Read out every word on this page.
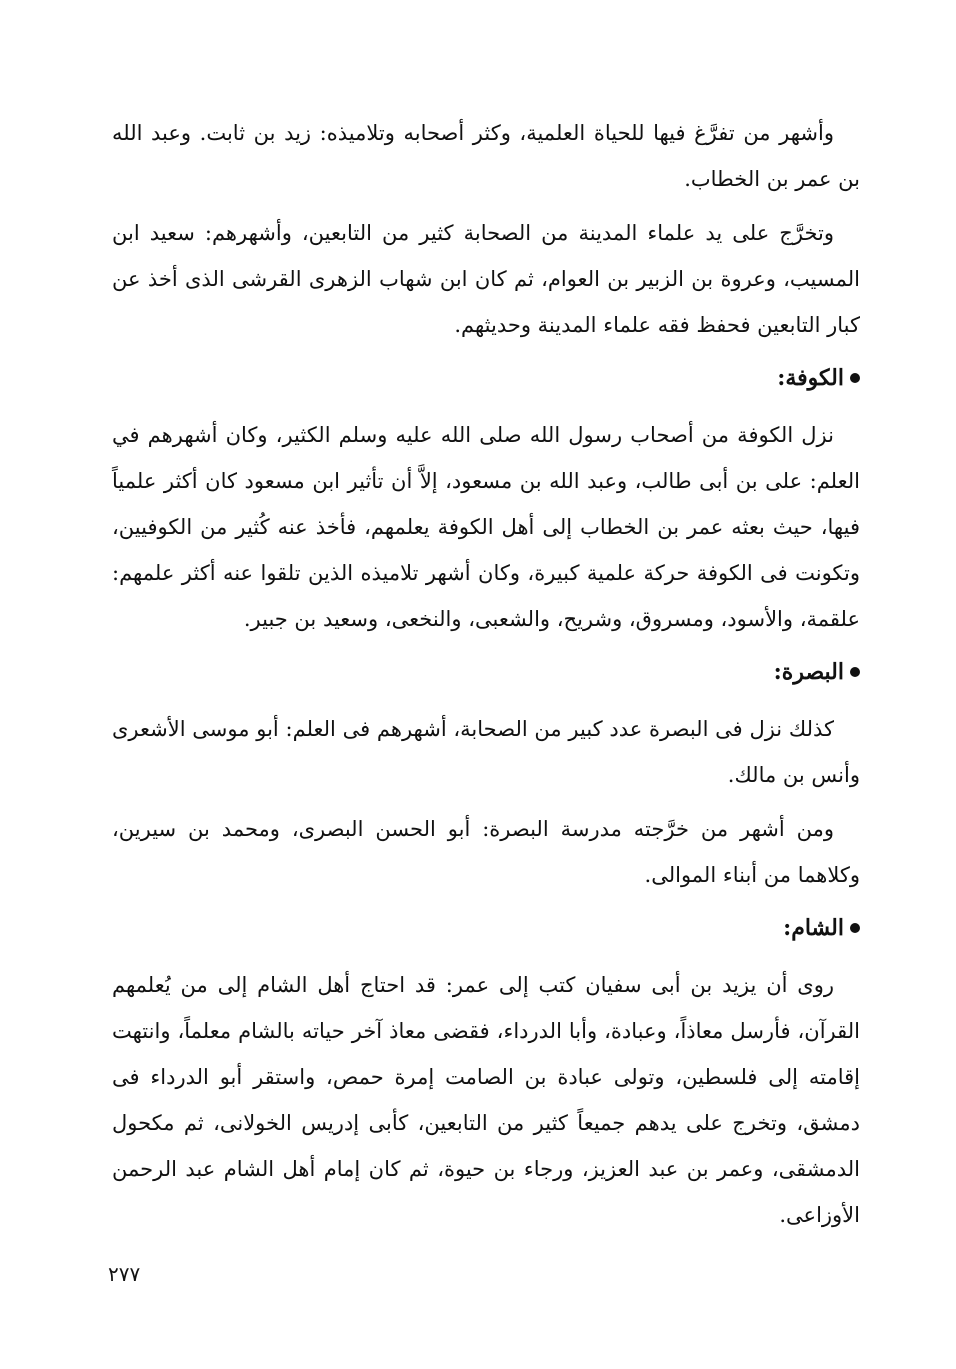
وأشهر من تفرَّغ فيها للحياة العلمية، وكثر أصحابه وتلاميذه: زيد بن ثابت. وعبد الله بن عمر بن الخطاب.

وتخرَّج على يد علماء المدينة من الصحابة كثير من التابعين، وأشهرهم: سعيد ابن المسيب، وعروة بن الزبير بن العوام، ثم كان ابن شهاب الزهرى القرشى الذى أخذ عن كبار التابعين فحفظ فقه علماء المدينة وحديثهم.

الكوفة:

نزل الكوفة من أصحاب رسول الله صلى الله عليه وسلم الكثير، وكان أشهرهم في العلم: على بن أبى طالب، وعبد الله بن مسعود، إلاَّ أن تأثير ابن مسعود كان أكثر علمياً فيها، حيث بعثه عمر بن الخطاب إلى أهل الكوفة يعلمهم، فأخذ عنه كُثير من الكوفيين، وتكونت فى الكوفة حركة علمية كبيرة، وكان أشهر تلاميذه الذين تلقوا عنه أكثر علمهم: علقمة، والأسود، ومسروق، وشريح، والشعبى، والنخعى، وسعيد بن جبير.

البصرة:

كذلك نزل فى البصرة عدد كبير من الصحابة، أشهرهم فى العلم: أبو موسى الأشعرى وأنس بن مالك.

ومن أشهر من خرَّجته مدرسة البصرة: أبو الحسن البصرى، ومحمد بن سيرين، وكلاهما من أبناء الموالى.

الشام:

روى أن يزيد بن أبى سفيان كتب إلى عمر: قد احتاج أهل الشام إلى من يُعلمهم القرآن، فأرسل معاذاً، وعبادة، وأبا الدرداء، فقضى معاذ آخر حياته بالشام معلماً، وانتهت إقامته إلى فلسطين، وتولى عبادة بن الصامت إمرة حمص، واستقر أبو الدرداء فى دمشق، وتخرج على يدهم جميعاً كثير من التابعين، كأبى إدريس الخولانى، ثم مكحول الدمشقى، وعمر بن عبد العزيز، ورجاء بن حيوة، ثم كان إمام أهل الشام عبد الرحمن الأوزاعى.

٢٧٧
